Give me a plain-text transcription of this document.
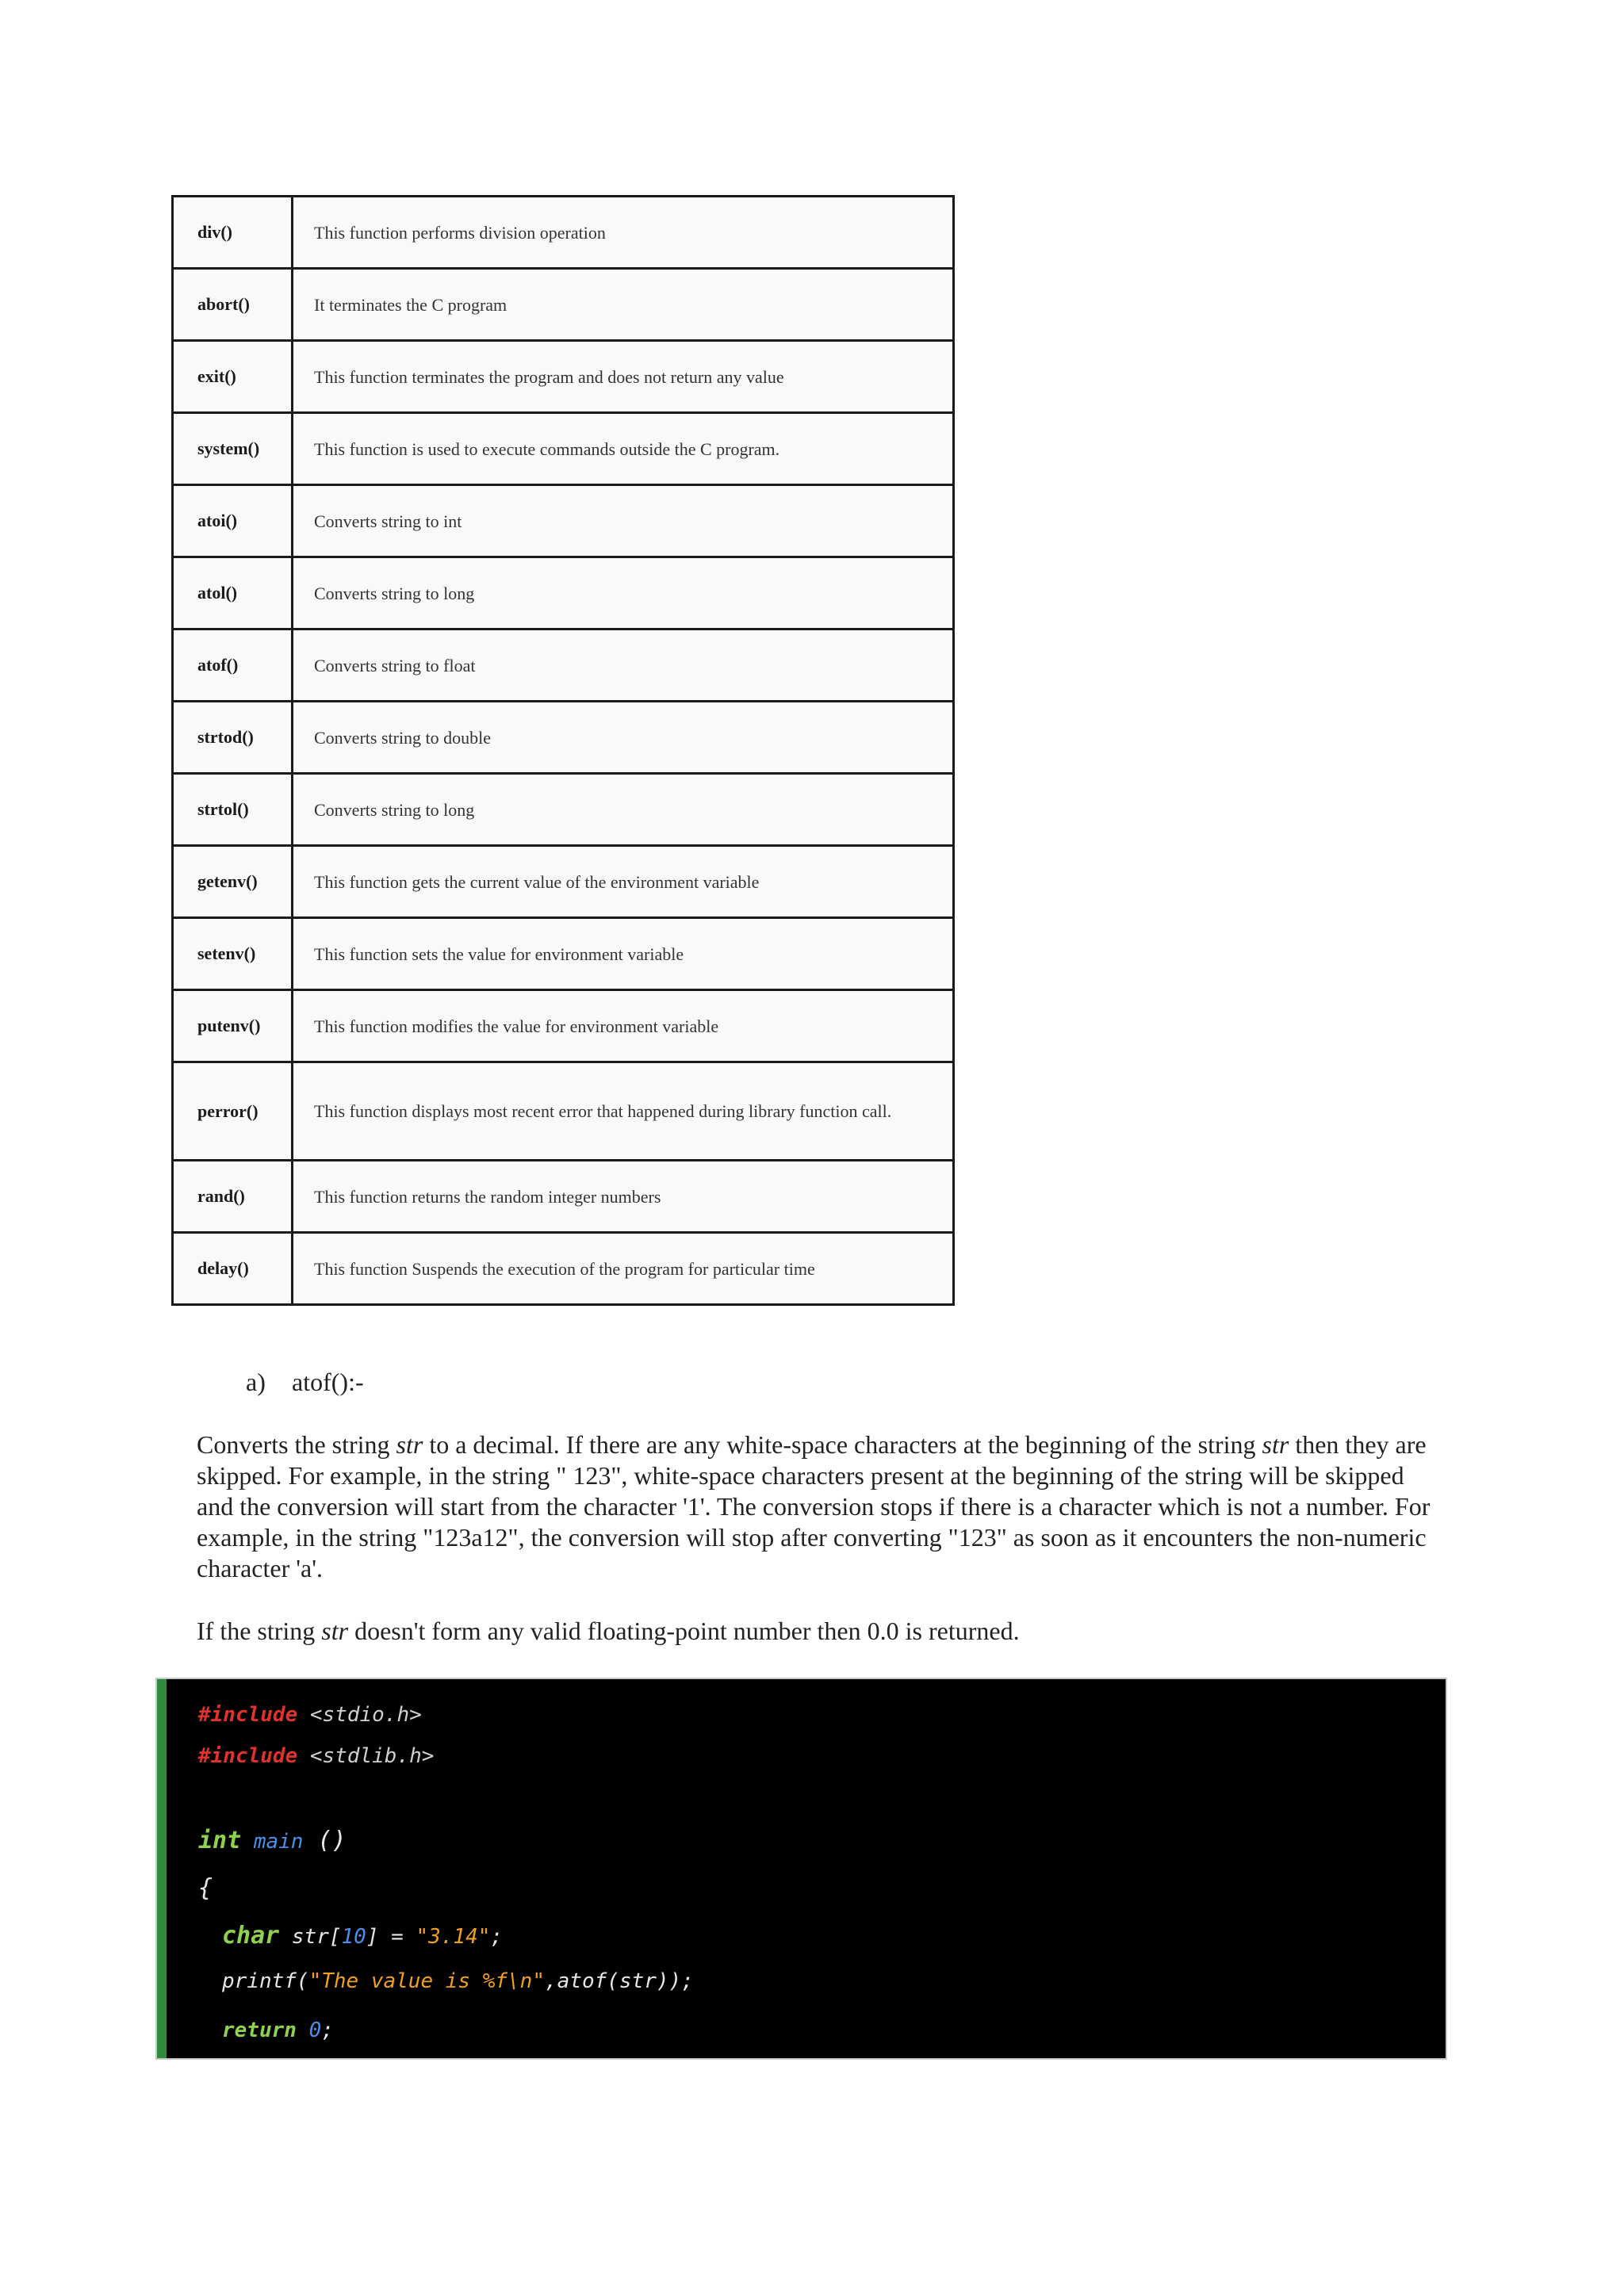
div()	This function performs division operation
abort()	It terminates the C program
exit()	This function terminates the program and does not return any value
system()	This function is used to execute commands outside the C program.
atoi()	Converts string to int
atol()	Converts string to long
atof()	Converts string to float
strtod()	Converts string to double
strtol()	Converts string to long
getenv()	This function gets the current value of the environment variable
setenv()	This function sets the value for environment variable
putenv()	This function modifies the value for environment variable
perror()	This function displays most recent error that happened during library function call.
rand()	This function returns the random integer numbers
delay()	This function Suspends the execution of the program for particular time
a) atof():-

Converts the string str to a decimal. If there are any white-space characters at the beginning of the string str then they are skipped. For example, in the string " 123", white-space characters present at the beginning of the string will be skipped and the conversion will start from the character '1'. The conversion stops if there is a character which is not a number. For example, in the string "123a12", the conversion will stop after converting "123" as soon as it encounters the non-numeric character 'a'.

If the string str doesn't form any valid floating-point number then 0.0 is returned.

#include <stdio.h>
#include <stdlib.h>
int main ()
{
char str[10] = "3.14";
printf("The value is %f\n",atof(str));
return 0;
